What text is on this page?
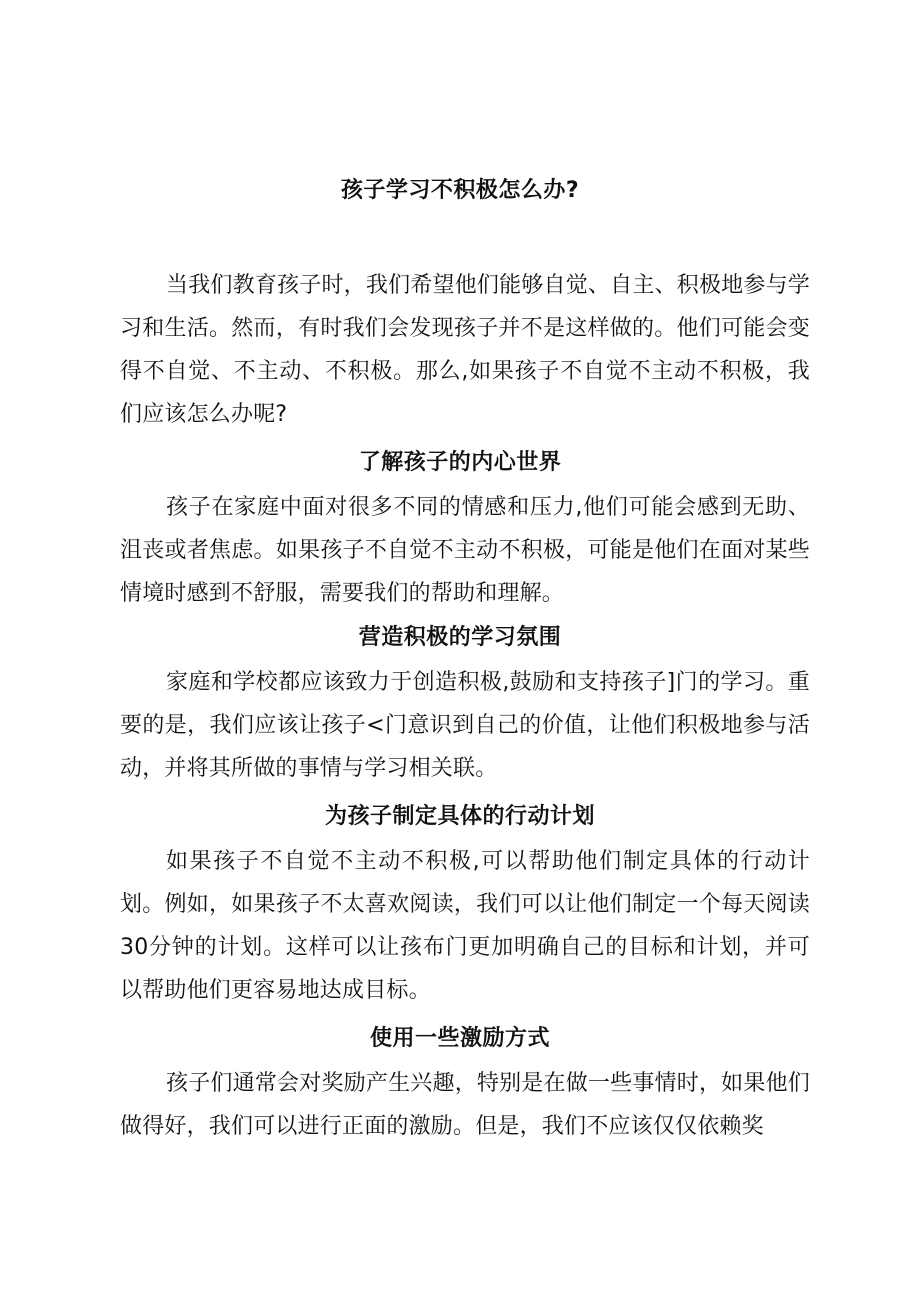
孩子学习不积极怎么办?

当我们教育孩子时，我们希望他们能够自觉、自主、积极地参与学习和生活。然而，有时我们会发现孩子并不是这样做的。他们可能会变得不自觉、不主动、不积极。那么,如果孩子不自觉不主动不积极，我们应该怎么办呢?

了解孩子的内心世界

孩子在家庭中面对很多不同的情感和压力,他们可能会感到无助、沮丧或者焦虑。如果孩子不自觉不主动不积极，可能是他们在面对某些情境时感到不舒服，需要我们的帮助和理解。

营造积极的学习氛围

家庭和学校都应该致力于创造积极,鼓励和支持孩子]门的学习。重要的是，我们应该让孩子<门意识到自己的价值，让他们积极地参与活动，并将其所做的事情与学习相关联。

为孩子制定具体的行动计划

如果孩子不自觉不主动不积极,可以帮助他们制定具体的行动计划。例如，如果孩子不太喜欢阅读，我们可以让他们制定一个每天阅读30分钟的计划。这样可以让孩布门更加明确自己的目标和计划，并可以帮助他们更容易地达成目标。

使用一些激励方式

孩子们通常会对奖励产生兴趣，特别是在做一些事情时，如果他们做得好，我们可以进行正面的激励。但是，我们不应该仅仅依赖奖
